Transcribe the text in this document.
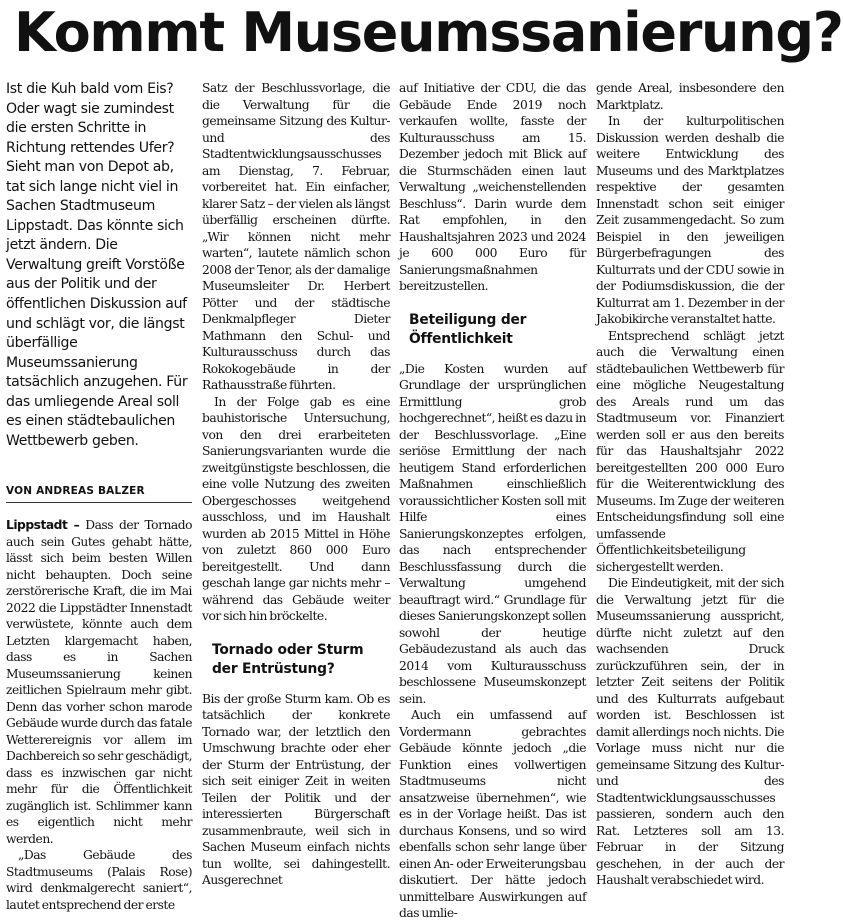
Kommt Museumssanierung?

Ist die Kuh bald vom Eis? Oder wagt sie zumindest die ersten Schritte in Richtung rettendes Ufer? Sieht man von Depot ab, tat sich lange nicht viel in Sachen Stadtmuseum Lippstadt. Das könnte sich jetzt ändern. Die Verwaltung greift Vorstöße aus der Politik und der öffentlichen Diskussion auf und schlägt vor, die längst überfällige Museumssanierung tatsächlich anzugehen. Für das umliegende Areal soll es einen städtebaulichen Wettbewerb geben.

VON ANDREAS BALZER

Lippstadt – Dass der Tornado auch sein Gutes gehabt hätte, lässt sich beim besten Willen nicht behaupten. Doch seine zerstörerische Kraft, die im Mai 2022 die Lippstädter Innenstadt verwüstete, könnte auch dem Letzten klargemacht haben, dass es in Sachen Museumssanierung keinen zeitlichen Spielraum mehr gibt. Denn das vorher schon marode Gebäude wurde durch das fatale Wetterereignis vor allem im Dachbereich so sehr geschädigt, dass es inzwischen gar nicht mehr für die Öffentlichkeit zugänglich ist. Schlimmer kann es eigentlich nicht mehr werden.

„Das Gebäude des Stadtmuseums (Palais Rose) wird denkmalgerecht saniert“, lautet entsprechend der erste

Satz der Beschlussvorlage, die die Verwaltung für die gemeinsame Sitzung des Kultur- und des Stadtentwicklungsausschusses am Dienstag, 7. Februar, vorbereitet hat. Ein einfacher, klarer Satz – der vielen als längst überfällig erscheinen dürfte. „Wir können nicht mehr warten“, lautete nämlich schon 2008 der Tenor, als der damalige Museumsleiter Dr. Herbert Pötter und der städtische Denkmalpfleger Dieter Mathmann den Schul- und Kulturausschuss durch das Rokokogebäude in der Rathausstraße führten.

In der Folge gab es eine bauhistorische Untersuchung, von den drei erarbeiteten Sanierungsvarianten wurde die zweitgünstigste beschlossen, die eine volle Nutzung des zweiten Obergeschosses weitgehend ausschloss, und im Haushalt wurden ab 2015 Mittel in Höhe von zuletzt 860 000 Euro bereitgestellt. Und dann geschah lange gar nichts mehr – während das Gebäude weiter vor sich hin bröckelte.

Tornado oder Sturm der Entrüstung?

Bis der große Sturm kam. Ob es tatsächlich der konkrete Tornado war, der letztlich den Umschwung brachte oder eher der Sturm der Entrüstung, der sich seit einiger Zeit in weiten Teilen der Politik und der interessierten Bürgerschaft zusammenbraute, weil sich in Sachen Museum einfach nichts tun wollte, sei dahingestellt. Ausgerechnet

auf Initiative der CDU, die das Gebäude Ende 2019 noch verkaufen wollte, fasste der Kulturausschuss am 15. Dezember jedoch mit Blick auf die Sturmschäden einen laut Verwaltung „weichenstellenden Beschluss“. Darin wurde dem Rat empfohlen, in den Haushaltsjahren 2023 und 2024 je 600 000 Euro für Sanierungsmaßnahmen bereitzustellen.

Beteiligung der Öffentlichkeit

„Die Kosten wurden auf Grundlage der ursprünglichen Ermittlung grob hochgerechnet“, heißt es dazu in der Beschlussvorlage. „Eine seriöse Ermittlung der nach heutigem Stand erforderlichen Maßnahmen einschließlich voraussichtlicher Kosten soll mit Hilfe eines Sanierungskonzeptes erfolgen, das nach entsprechender Beschlussfassung durch die Verwaltung umgehend beauftragt wird.“ Grundlage für dieses Sanierungskonzept sollen sowohl der heutige Gebäudezustand als auch das 2014 vom Kulturausschuss beschlossene Museumskonzept sein.

Auch ein umfassend auf Vordermann gebrachtes Gebäude könnte jedoch „die Funktion eines vollwertigen Stadtmuseums nicht ansatzweise übernehmen“, wie es in der Vorlage heißt. Das ist durchaus Konsens, und so wird ebenfalls schon sehr lange über einen An- oder Erweiterungsbau diskutiert. Der hätte jedoch unmittelbare Auswirkungen auf das umlie-

gende Areal, insbesondere den Marktplatz.

In der kulturpolitischen Diskussion werden deshalb die weitere Entwicklung des Museums und des Marktplatzes respektive der gesamten Innenstadt schon seit einiger Zeit zusammengedacht. So zum Beispiel in den jeweiligen Bürgerbefragungen des Kulturrats und der CDU sowie in der Podiumsdiskussion, die der Kulturrat am 1. Dezember in der Jakobikirche veranstaltet hatte.

Entsprechend schlägt jetzt auch die Verwaltung einen städtebaulichen Wettbewerb für eine mögliche Neugestaltung des Areals rund um das Stadtmuseum vor. Finanziert werden soll er aus den bereits für das Haushaltsjahr 2022 bereitgestellten 200 000 Euro für die Weiterentwicklung des Museums. Im Zuge der weiteren Entscheidungsfindung soll eine umfassende Öffentlichkeitsbeteiligung sichergestellt werden.

Die Eindeutigkeit, mit der sich die Verwaltung jetzt für die Museumssanierung ausspricht, dürfte nicht zuletzt auf den wachsenden Druck zurückzuführen sein, der in letzter Zeit seitens der Politik und des Kulturrats aufgebaut worden ist. Beschlossen ist damit allerdings noch nichts. Die Vorlage muss nicht nur die gemeinsame Sitzung des Kultur- und des Stadtentwicklungsausschusses passieren, sondern auch den Rat. Letzteres soll am 13. Februar in der Sitzung geschehen, in der auch der Haushalt verabschiedet wird.
